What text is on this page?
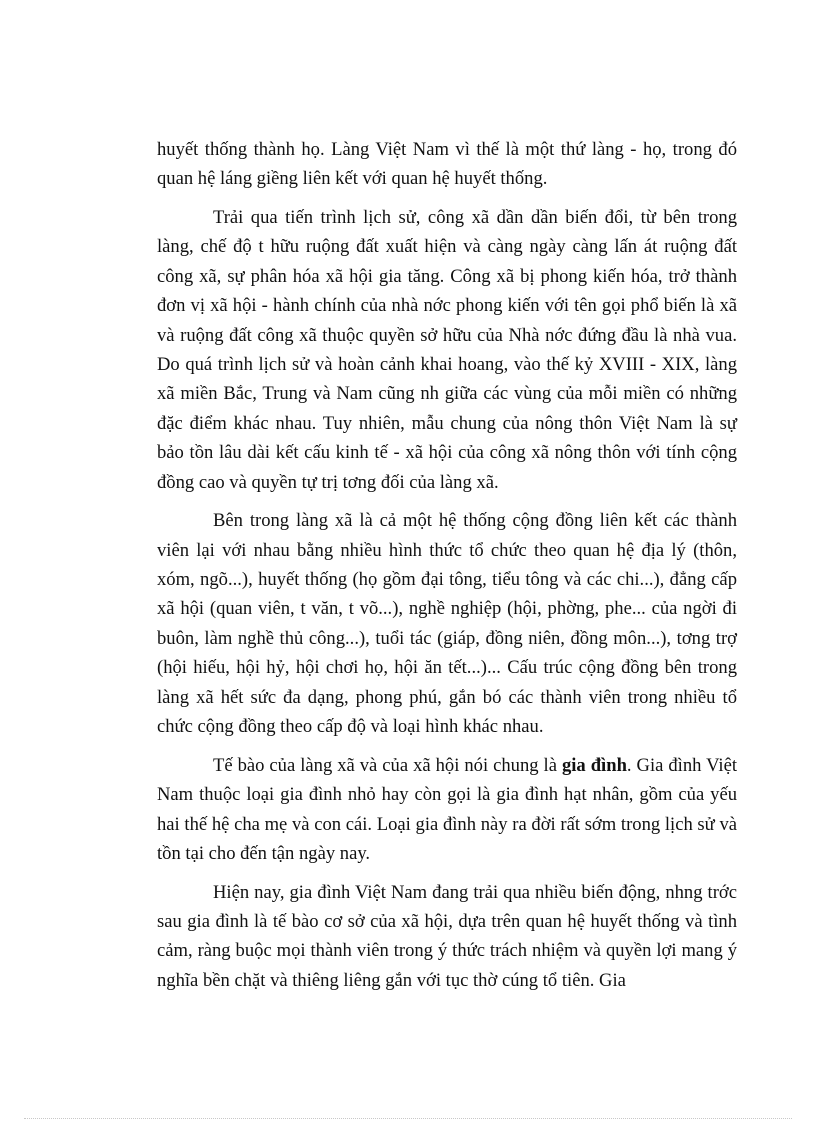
huyết thống thành họ. Làng Việt Nam vì thế là một thứ làng - họ, trong đó quan hệ láng giềng liên kết với quan hệ huyết thống.

Trải qua tiến trình lịch sử, công xã dần dần biến đổi, từ bên trong làng, chế độ t hữu ruộng đất xuất hiện và càng ngày càng lấn át ruộng đất công xã, sự phân hóa xã hội gia tăng. Công xã bị phong kiến hóa, trở thành đơn vị xã hội - hành chính của nhà nớc phong kiến với tên gọi phổ biến là xã và ruộng đất công xã thuộc quyền sở hữu của Nhà nớc đứng đầu là nhà vua. Do quá trình lịch sử và hoàn cảnh khai hoang, vào thế kỷ XVIII - XIX, làng xã miền Bắc, Trung và Nam cũng nh giữa các vùng của mỗi miền có những đặc điểm khác nhau. Tuy nhiên, mẫu chung của nông thôn Việt Nam là sự bảo tồn lâu dài kết cấu kinh tế - xã hội của công xã nông thôn với tính cộng đồng cao và quyền tự trị tơng đối của làng xã.

Bên trong làng xã là cả một hệ thống cộng đồng liên kết các thành viên lại với nhau bằng nhiều hình thức tổ chức theo quan hệ địa lý (thôn, xóm, ngõ...), huyết thống (họ gồm đại tông, tiểu tông và các chi...), đẳng cấp xã hội (quan viên, t văn, t võ...), nghề nghiệp (hội, phờng, phe... của ngời đi buôn, làm nghề thủ công...), tuổi tác (giáp, đồng niên, đồng môn...), tơng trợ (hội hiếu, hội hỷ, hội chơi họ, hội ăn tết...)... Cấu trúc cộng đồng bên trong làng xã hết sức đa dạng, phong phú, gắn bó các thành viên trong nhiều tổ chức cộng đồng theo cấp độ và loại hình khác nhau.

Tế bào của làng xã và của xã hội nói chung là gia đình. Gia đình Việt Nam thuộc loại gia đình nhỏ hay còn gọi là gia đình hạt nhân, gồm của yếu hai thế hệ cha mẹ và con cái. Loại gia đình này ra đời rất sớm trong lịch sử và tồn tại cho đến tận ngày nay.

Hiện nay, gia đình Việt Nam đang trải qua nhiều biến động, nhng trớc sau gia đình là tế bào cơ sở của xã hội, dựa trên quan hệ huyết thống và tình cảm, ràng buộc mọi thành viên trong ý thức trách nhiệm và quyền lợi mang ý nghĩa bền chặt và thiêng liêng gắn với tục thờ cúng tổ tiên. Gia
